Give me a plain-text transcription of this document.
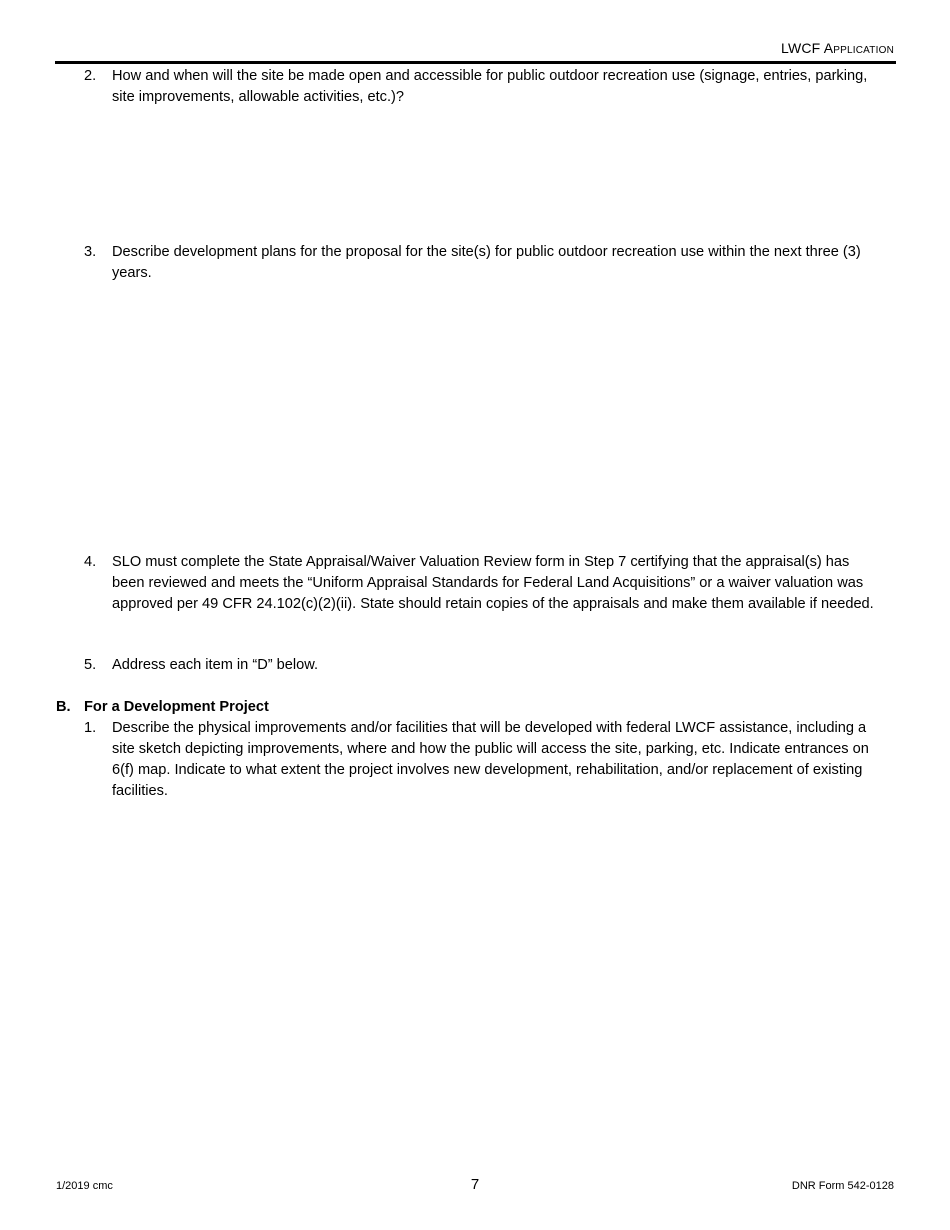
LWCF Application
2.	How and when will the site be made open and accessible for public outdoor recreation use (signage, entries, parking, site improvements, allowable activities, etc.)?
3.	Describe development plans for the proposal for the site(s) for public outdoor recreation use within the next three (3) years.
4.	SLO must complete the State Appraisal/Waiver Valuation Review form in Step 7 certifying that the appraisal(s) has been reviewed and meets the “Uniform Appraisal Standards for Federal Land Acquisitions” or a waiver valuation was approved per 49 CFR 24.102(c)(2)(ii). State should retain copies of the appraisals and make them available if needed.
5.	Address each item in “D” below.
B. For a Development Project
1.	Describe the physical improvements and/or facilities that will be developed with federal LWCF assistance, including a site sketch depicting improvements, where and how the public will access the site, parking, etc. Indicate entrances on 6(f) map. Indicate to what extent the project involves new development, rehabilitation, and/or replacement of existing facilities.
1/2019 cmc	7	DNR Form 542-0128
